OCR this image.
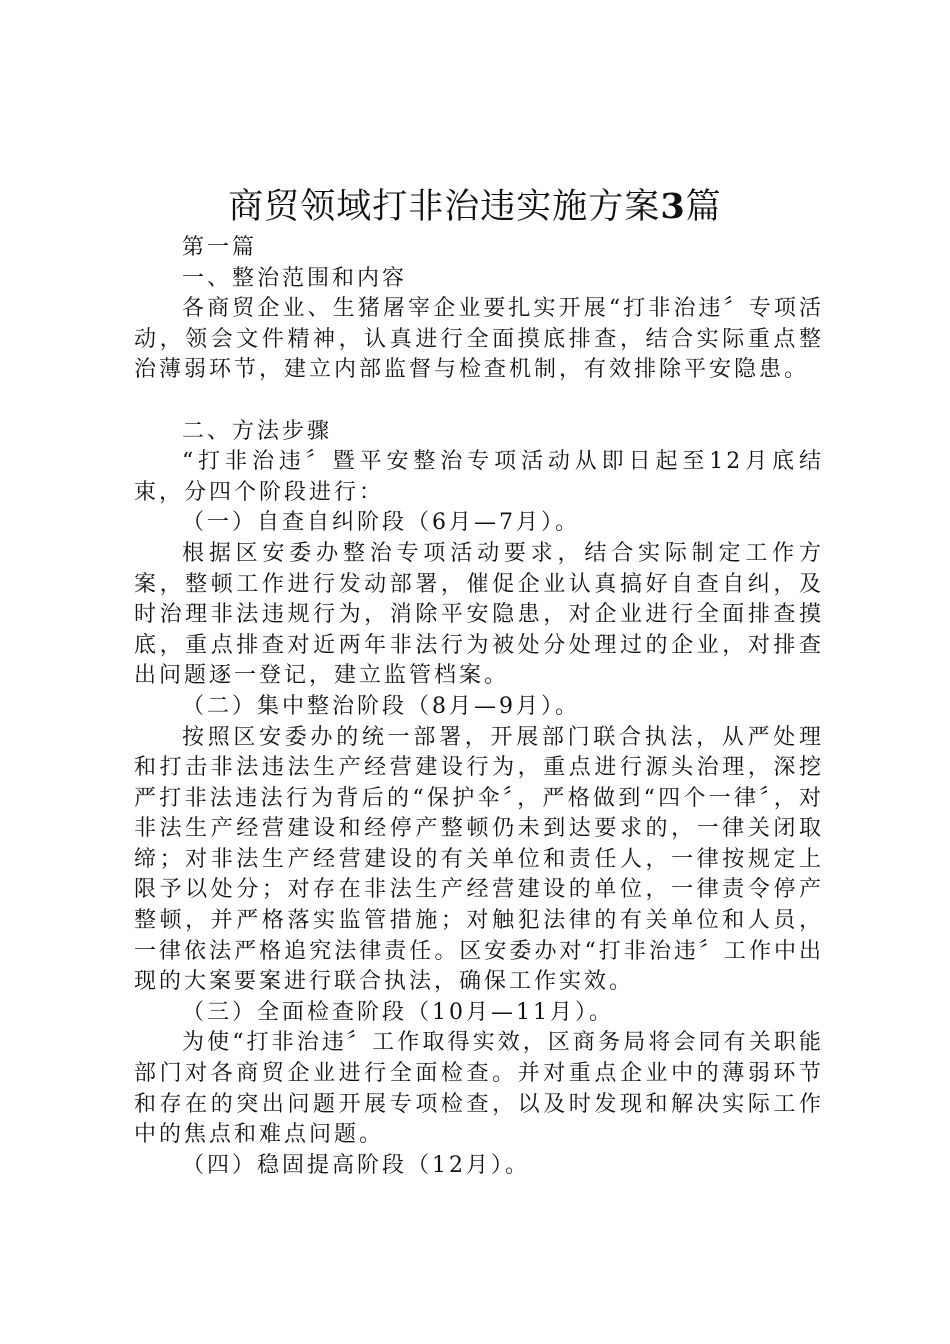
商贸领域打非治违实施方案3篇

第一篇

一、整治范围和内容

各商贸企业、生猪屠宰企业要扎实开展“打非治违〞专项活动，领会文件精神，认真进行全面摸底排查，结合实际重点整治薄弱环节，建立内部监督与检查机制，有效排除平安隐患。

二、方法步骤

“打非治违〞暨平安整治专项活动从即日起至12月底结束，分四个阶段进行：

（一）自查自纠阶段（6月—7月）。

根据区安委办整治专项活动要求，结合实际制定工作方案，整顿工作进行发动部署，催促企业认真搞好自查自纠，及时治理非法违规行为，消除平安隐患，对企业进行全面排查摸底，重点排查对近两年非法行为被处分处理过的企业，对排查出问题逐一登记，建立监管档案。

（二）集中整治阶段（8月—9月）。

按照区安委办的统一部署，开展部门联合执法，从严处理和打击非法违法生产经营建设行为，重点进行源头治理，深挖严打非法违法行为背后的“保护伞〞，严格做到“四个一律〞，对非法生产经营建设和经停产整顿仍未到达要求的，一律关闭取缔；对非法生产经营建设的有关单位和责任人，一律按规定上限予以处分；对存在非法生产经营建设的单位，一律责令停产整顿，并严格落实监管措施；对触犯法律的有关单位和人员，一律依法严格追究法律责任。区安委办对“打非治违〞工作中出现的大案要案进行联合执法，确保工作实效。

（三）全面检查阶段（10月—11月）。

为使“打非治违〞工作取得实效，区商务局将会同有关职能部门对各商贸企业进行全面检查。并对重点企业中的薄弱环节和存在的突出问题开展专项检查，以及时发现和解决实际工作中的焦点和难点问题。

（四）稳固提高阶段（12月）。
